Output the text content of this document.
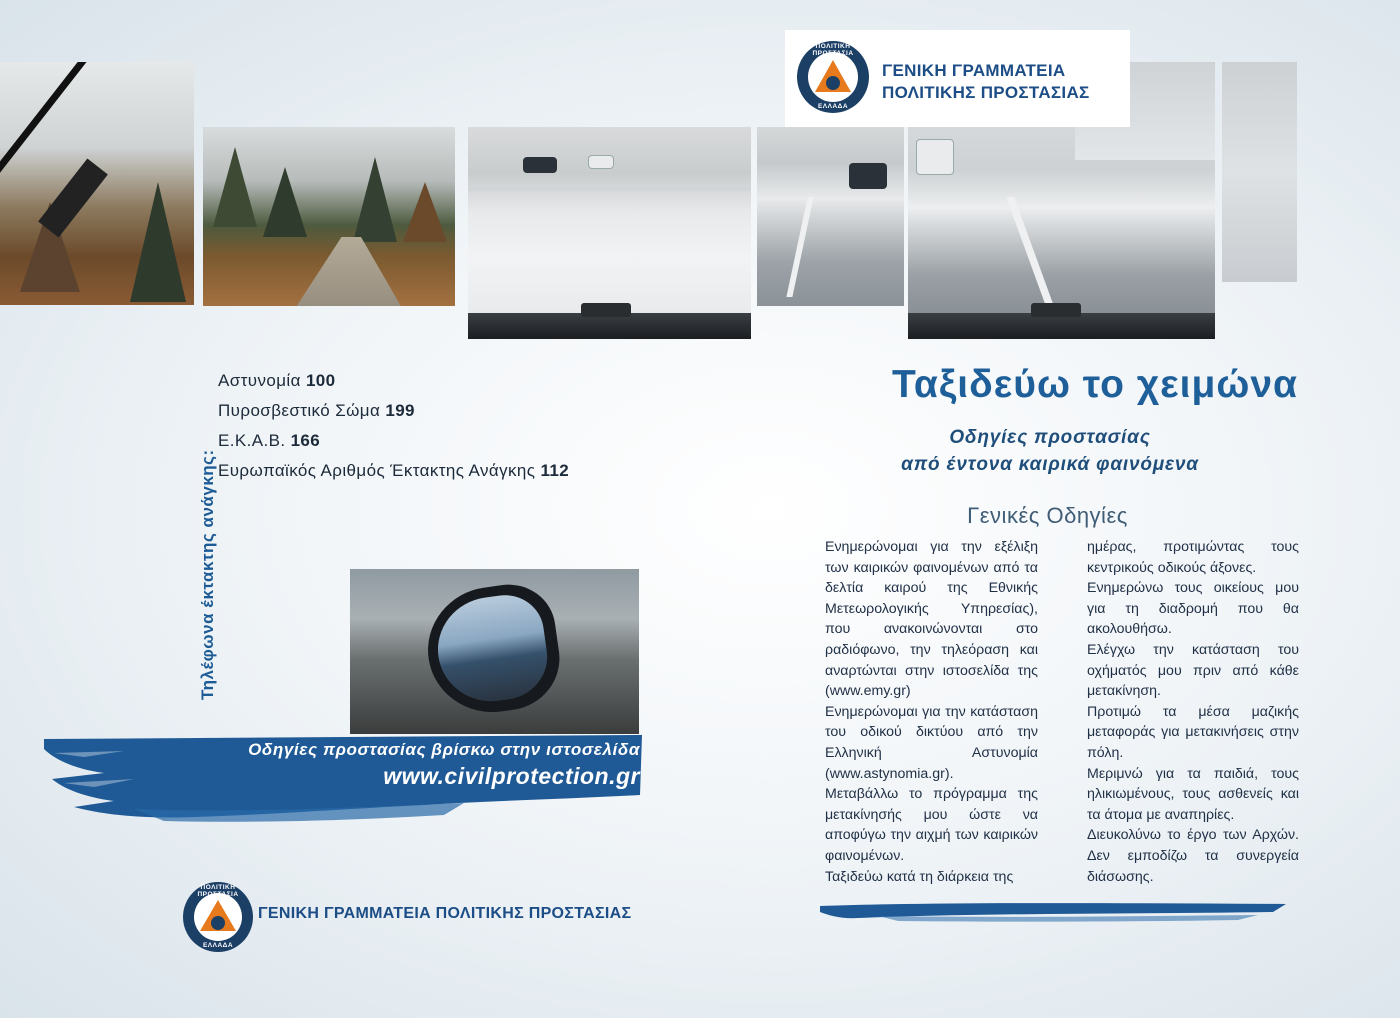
ΠΟΛΙΤΙΚΗ ΠΡΟΣΤΑΣΙΑ
ΕΛΛΑΔΑ
ΓΕΝΙΚΗ ΓΡΑΜΜΑΤΕΙΑ
ΠΟΛΙΤΙΚΗΣ ΠΡΟΣΤΑΣΙΑΣ
Ταξιδεύω το χειμώνα
Οδηγίες προστασίας
από έντονα καιρικά φαινόμενα
Γενικές Οδηγίες

Ενημερώνομαι για την εξέλιξη των καιρικών φαινομένων από τα δελτία καιρού της Εθνικής Μετεωρολογικής Υπηρεσίας), που ανακοινώνονται στο ραδιόφωνο, την τηλεόραση και αναρτώνται στην ιστοσελίδα της (www.emy.gr)

Ενημερώνομαι για την κατάσταση του οδικού δικτύου από την Ελληνική Αστυνομία (www.astynomia.gr).

Μεταβάλλω το πρόγραμμα της μετακίνησής μου ώστε να αποφύγω την αιχμή των καιρικών φαινομένων.

Ταξιδεύω κατά τη διάρκεια της

ημέρας, προτιμώντας τους κεντρικούς οδικούς άξονες.

Ενημερώνω τους οικείους μου για τη διαδρομή που θα ακολουθήσω.

Ελέγχω την κατάσταση του οχήματός μου πριν από κάθε μετακίνηση.

Προτιμώ τα μέσα μαζικής μεταφοράς για μετακινήσεις στην πόλη.

Μεριμνώ για τα παιδιά, τους ηλικιωμένους, τους ασθενείς και τα άτομα με αναπηρίες.

Διευκολύνω το έργο των Αρχών. Δεν εμποδίζω τα συνεργεία διάσωσης.

Τηλέφωνα έκτακτης ανάγκης:
Αστυνομία 100
Πυροσβεστικό Σώμα 199
Ε.Κ.Α.Β. 166
Ευρωπαϊκός Αριθμός Έκτακτης Ανάγκης 112
Οδηγίες προστασίας βρίσκω στην ιστοσελίδα
www.civilprotection.gr
ΠΟΛΙΤΙΚΗ ΠΡΟΣΤΑΣΙΑ
ΕΛΛΑΔΑ
ΓΕΝΙΚΗ ΓΡΑΜΜΑΤΕΙΑ ΠΟΛΙΤΙΚΗΣ ΠΡΟΣΤΑΣΙΑΣ
